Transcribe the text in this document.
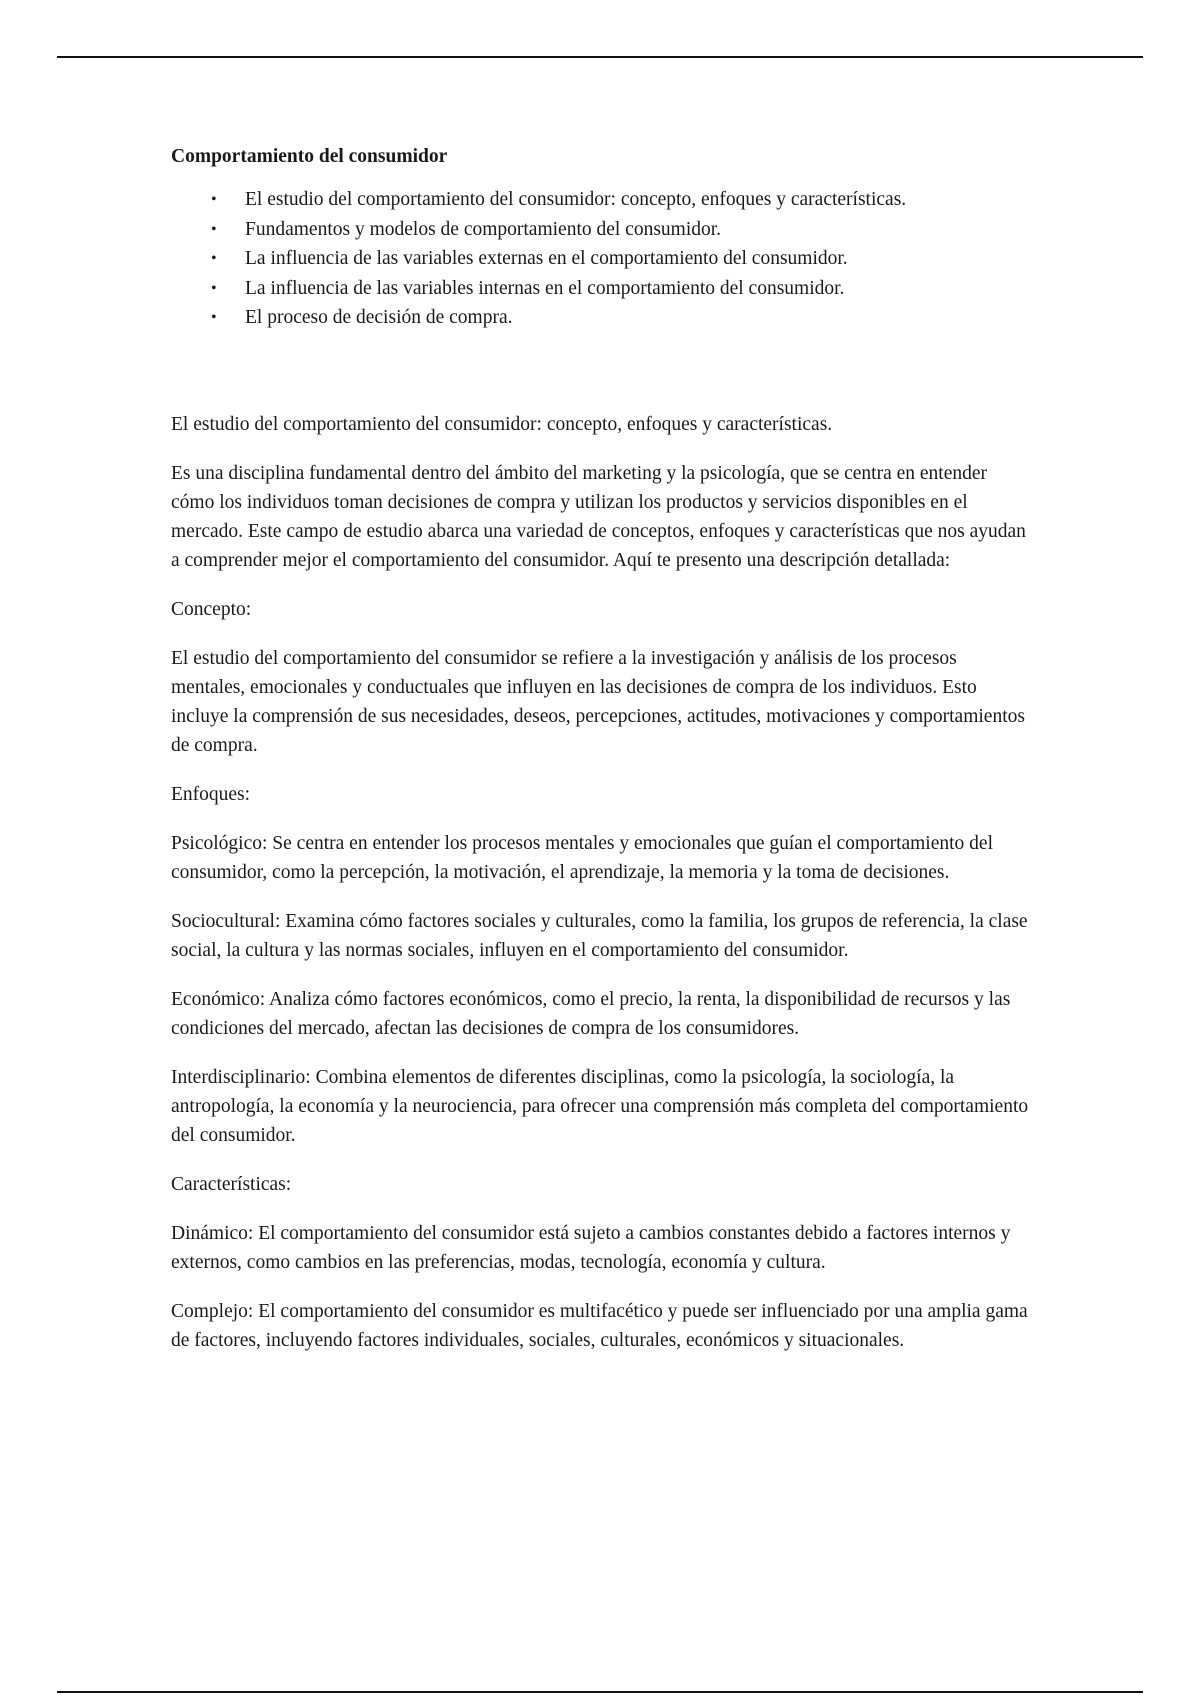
Comportamiento del consumidor
• El estudio del comportamiento del consumidor: concepto, enfoques y características.
• Fundamentos y modelos de comportamiento del consumidor.
• La influencia de las variables externas en el comportamiento del consumidor.
• La influencia de las variables internas en el comportamiento del consumidor.
• El proceso de decisión de compra.

El estudio del comportamiento del consumidor: concepto, enfoques y características.

Es una disciplina fundamental dentro del ámbito del marketing y la psicología, que se centra en entender cómo los individuos toman decisiones de compra y utilizan los productos y servicios disponibles en el mercado. Este campo de estudio abarca una variedad de conceptos, enfoques y características que nos ayudan a comprender mejor el comportamiento del consumidor. Aquí te presento una descripción detallada:

Concepto:

El estudio del comportamiento del consumidor se refiere a la investigación y análisis de los procesos mentales, emocionales y conductuales que influyen en las decisiones de compra de los individuos. Esto incluye la comprensión de sus necesidades, deseos, percepciones, actitudes, motivaciones y comportamientos de compra.

Enfoques:

Psicológico: Se centra en entender los procesos mentales y emocionales que guían el comportamiento del consumidor, como la percepción, la motivación, el aprendizaje, la memoria y la toma de decisiones.

Sociocultural: Examina cómo factores sociales y culturales, como la familia, los grupos de referencia, la clase social, la cultura y las normas sociales, influyen en el comportamiento del consumidor.

Económico: Analiza cómo factores económicos, como el precio, la renta, la disponibilidad de recursos y las condiciones del mercado, afectan las decisiones de compra de los consumidores.

Interdisciplinario: Combina elementos de diferentes disciplinas, como la psicología, la sociología, la antropología, la economía y la neurociencia, para ofrecer una comprensión más completa del comportamiento del consumidor.

Características:

Dinámico: El comportamiento del consumidor está sujeto a cambios constantes debido a factores internos y externos, como cambios en las preferencias, modas, tecnología, economía y cultura.

Complejo: El comportamiento del consumidor es multifacético y puede ser influenciado por una amplia gama de factores, incluyendo factores individuales, sociales, culturales, económicos y situacionales.
